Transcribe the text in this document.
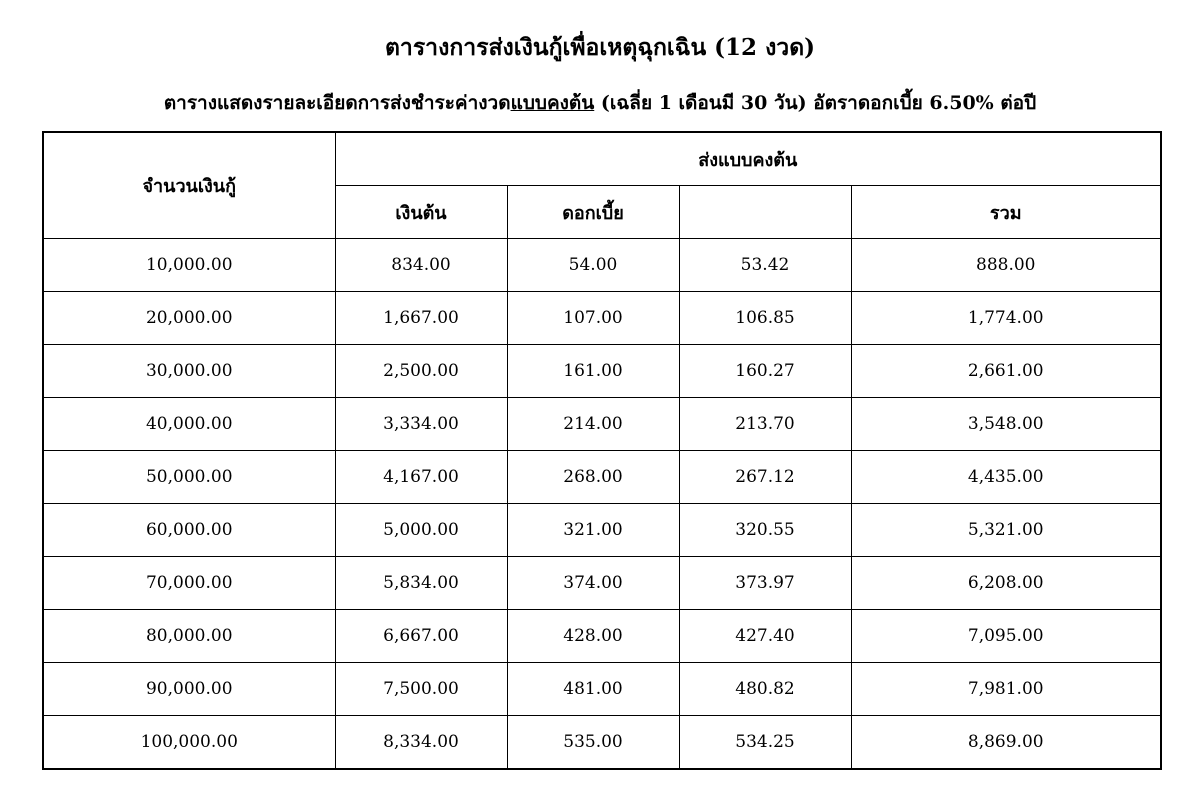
ตารางการส่งเงินกู้เพื่อเหตุฉุกเฉิน (12 งวด)
ตารางแสดงรายละเอียดการส่งชำระค่างวดแบบคงต้น (เฉลี่ย 1 เดือนมี 30 วัน) อัตราดอกเบี้ย 6.50% ต่อปี
จำนวนเงินกู้	ส่งแบบคงต้น			
	เงินต้น	ดอกเบี้ย		รวม
10,000.00	834.00	54.00	53.42	888.00
20,000.00	1,667.00	107.00	106.85	1,774.00
30,000.00	2,500.00	161.00	160.27	2,661.00
40,000.00	3,334.00	214.00	213.70	3,548.00
50,000.00	4,167.00	268.00	267.12	4,435.00
60,000.00	5,000.00	321.00	320.55	5,321.00
70,000.00	5,834.00	374.00	373.97	6,208.00
80,000.00	6,667.00	428.00	427.40	7,095.00
90,000.00	7,500.00	481.00	480.82	7,981.00
100,000.00	8,334.00	535.00	534.25	8,869.00
